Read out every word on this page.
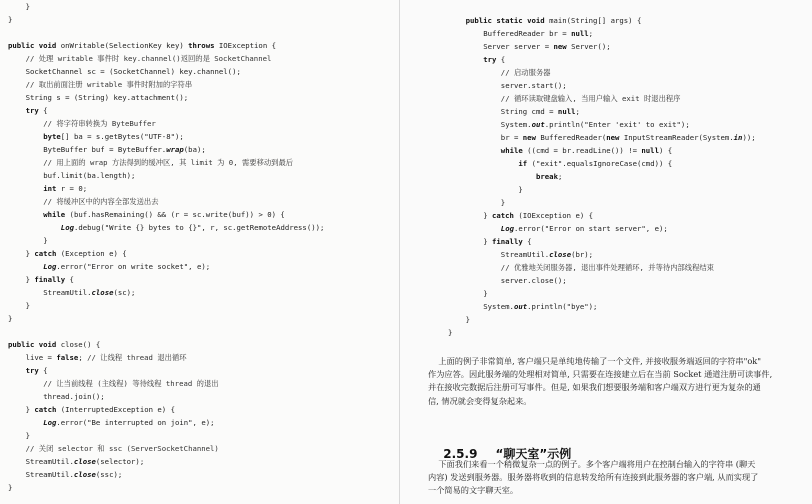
}
}
public void onWritable(SelectionKey key) throws IOException {
// 处理 writable 事件时 key.channel()返回的是 SocketChannel
SocketChannel sc = (SocketChannel) key.channel();
// 取出前面注册 writable 事件时附加的字符串
String s = (String) key.attachment();
try {
// 将字符串转换为 ByteBuffer
byte[] ba = s.getBytes("UTF-8");
ByteBuffer buf = ByteBuffer.wrap(ba);
// 用上面的 wrap 方法得到的缓冲区, 其 limit 为 0, 需要移动到最后
buf.limit(ba.length);
int r = 0;
// 将缓冲区中的内容全部发送出去
while (buf.hasRemaining() && (r = sc.write(buf)) > 0) {
Log.debug("Write {} bytes to {}", r, sc.getRemoteAddress());
}
} catch (Exception e) {
Log.error("Error on write socket", e);
} finally {
StreamUtil.close(sc);
}
}
public void close() {
live = false; // 让线程 thread 退出循环
try {
// 让当前线程 (主线程) 等待线程 thread 的退出
thread.join();
} catch (InterruptedException e) {
Log.error("Be interrupted on join", e);
}
// 关闭 selector 和 ssc (ServerSocketChannel)
StreamUtil.close(selector);
StreamUtil.close(ssc);
}
public static void main(String[] args) {
BufferedReader br = null;
Server server = new Server();
try {
// 启动服务器
server.start();
// 循环读取键盘输入, 当用户输入 exit 时退出程序
String cmd = null;
System.out.println("Enter 'exit' to exit");
br = new BufferedReader(new InputStreamReader(System.in));
while ((cmd = br.readLine()) != null) {
if ("exit".equalsIgnoreCase(cmd)) {
break;
}
}
} catch (IOException e) {
Log.error("Error on start server", e);
} finally {
StreamUtil.close(br);
// 优雅地关闭服务器, 退出事件处理循环, 并等待内部线程结束
server.close();
}
System.out.println("bye");
}
}
上面的例子非常简单, 客户端只是单纯地传输了一个文件, 并接收服务端返回的字符串"ok"
作为应答。因此服务端的处理相对简单, 只需要在连接建立后在当前 Socket 通道注册可读事件,
并在接收完数据后注册可写事件。但是, 如果我们想要服务端和客户端双方进行更为复杂的通
信, 情况就会变得复杂起来。

2.5.9 “聊天室”示例

下面我们来看一个稍微复杂一点的例子。多个客户端将用户在控制台输入的字符串 (聊天
内容) 发送到服务器。服务器将收到的信息转发给所有连接到此服务器的客户端, 从而实现了
一个简易的文字聊天室。
